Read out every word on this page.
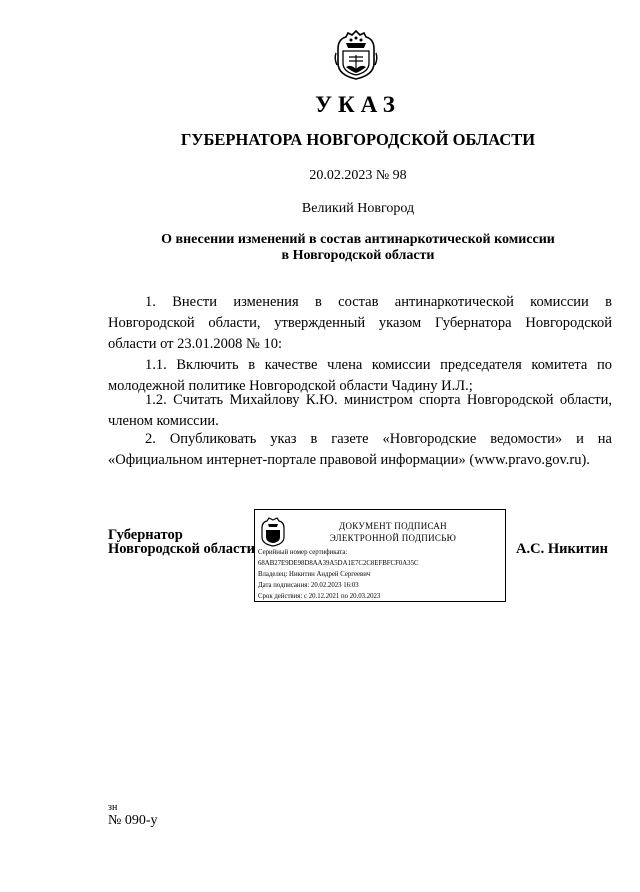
УКАЗ
ГУБЕРНАТОРА НОВГОРОДСКОЙ ОБЛАСТИ
20.02.2023 № 98
Великий Новгород
О внесении изменений в состав антинаркотической комиссии
в Новгородской области

1. Внести изменения в состав антинаркотической комиссии в Новгородской области, утвержденный указом Губернатора Новгородской области от 23.01.2008 № 10:

1.1. Включить в качестве члена комиссии председателя комитета по молодежной политике Новгородской области Чадину И.Л.;

1.2. Считать Михайлову К.Ю. министром спорта Новгородской области, членом комиссии.

2. Опубликовать указ в газете «Новгородские ведомости» и на «Официальном интернет-портале правовой информации» (www.pravo.gov.ru).

Губернатор
Новгородской области
ДОКУМЕНТ ПОДПИСАН
ЭЛЕКТРОННОЙ ПОДПИСЬЮ
Серийный номер сертификата:
68AB27E9DE98D8AA39A5DA1E7C2C8EFBFCF0A35C
Владелец: Никитин Андрей Сергеевич
Дата подписания: 20.02.2023 16:03
Срок действия: с 20.12.2021 по 20.03.2023
А.С. Никитин
зн
№ 090-у
